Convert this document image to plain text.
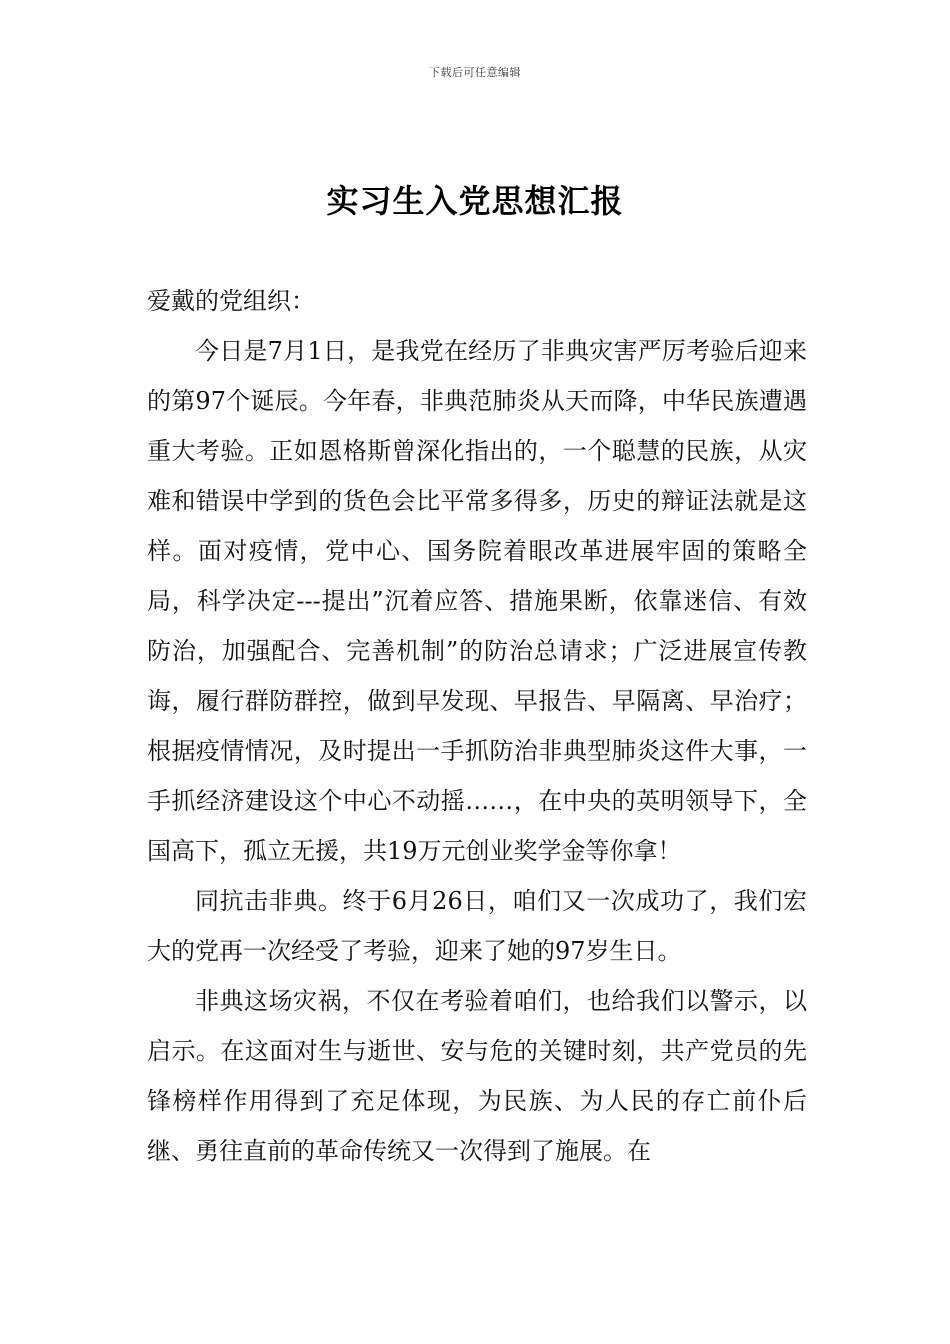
下载后可任意编辑
实习生入党思想汇报

爱戴的党组织：

今日是7月1日，是我党在经历了非典灾害严厉考验后迎来的第97个诞辰。今年春，非典范肺炎从天而降，中华民族遭遇重大考验。正如恩格斯曾深化指出的，一个聪慧的民族，从灾难和错误中学到的货色会比平常多得多，历史的辩证法就是这样。面对疫情，党中心、国务院着眼改革进展牢固的策略全局，科学决定---提出”沉着应答、措施果断，依靠迷信、有效防治，加强配合、完善机制”的防治总请求；广泛进展宣传教诲，履行群防群控，做到早发现、早报告、早隔离、早治疗；根据疫情情况，及时提出一手抓防治非典型肺炎这件大事，一手抓经济建设这个中心不动摇……，在中央的英明领导下，全国高下，孤立无援，共19万元创业奖学金等你拿！

同抗击非典。终于6月26日，咱们又一次成功了，我们宏大的党再一次经受了考验，迎来了她的97岁生日。

非典这场灾祸，不仅在考验着咱们，也给我们以警示，以启示。在这面对生与逝世、安与危的关键时刻，共产党员的先锋榜样作用得到了充足体现，为民族、为人民的存亡前仆后继、勇往直前的革命传统又一次得到了施展。在
